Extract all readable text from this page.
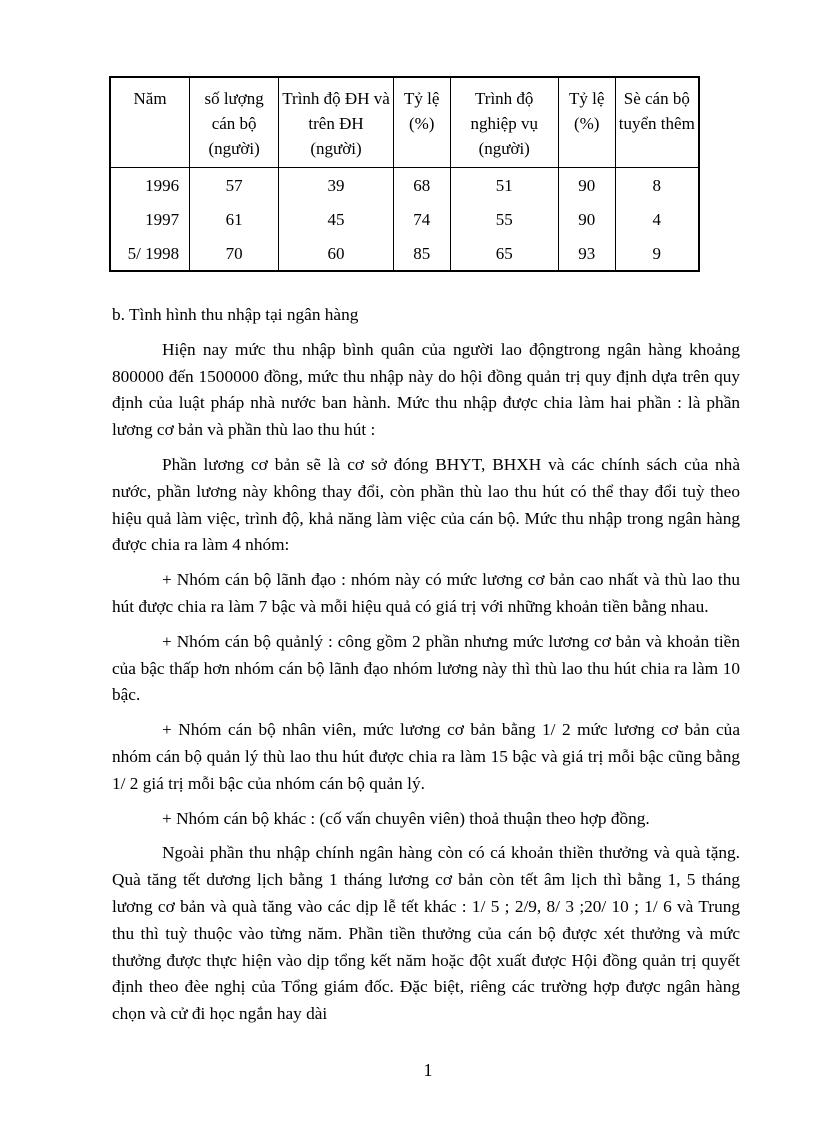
Năm	số lượng cán bộ (người)	Trình độ ĐH và trên ĐH (người)	Tỷ lệ (%)	Trình độ nghiệp vụ (người)	Tỷ lệ (%)	Sè cán bộ tuyển thêm
1996	57	39	68	51	90	8
1997	61	45	74	55	90	4
5/ 1998	70	60	85	65	93	9

b. Tình hình thu nhập tại ngân hàng

Hiện nay mức thu nhập bình quân của người lao độngtrong ngân hàng khoảng 800000 đến 1500000 đồng, mức thu nhập này do hội đồng quản trị quy định dựa trên quy định của luật pháp nhà nước ban hành. Mức thu nhập được chia làm hai phần : là phần lương cơ bản và phần thù lao thu hút :

Phần lương cơ bản sẽ là cơ sở đóng BHYT, BHXH và các chính sách của nhà nước, phần lương này không thay đổi, còn phần thù lao thu hút có thể thay đổi tuỳ theo hiệu quả làm việc, trình độ, khả năng làm việc của cán bộ. Mức thu nhập trong ngân hàng được chia ra làm 4 nhóm:

+ Nhóm cán bộ lãnh đạo : nhóm này có mức lương cơ bản cao nhất và thù lao thu hút được chia ra làm 7 bậc và mỗi hiệu quả có giá trị với những khoản tiền bằng nhau.

+ Nhóm cán bộ quảnlý : công gồm 2 phần nhưng mức lương cơ bản và khoản tiền của bậc thấp hơn nhóm cán bộ lãnh đạo nhóm lương này thì thù lao thu hút chia ra làm 10 bậc.

+ Nhóm cán bộ nhân viên, mức lương cơ bản bằng 1/ 2 mức lương cơ bản của nhóm cán bộ quản lý thù lao thu hút được chia ra làm 15 bậc và giá trị mỗi bậc cũng bằng 1/ 2 giá trị mỗi bậc của nhóm cán bộ quản lý.

+ Nhóm cán bộ khác : (cố vấn chuyên viên) thoả thuận theo hợp đồng.

Ngoài phần thu nhập chính ngân hàng còn có cá khoản thiền thưởng và quà tặng. Quà tăng tết dương lịch bằng 1 tháng lương cơ bản còn tết âm lịch thì bằng 1, 5 tháng lương cơ bản và quà tăng vào các dịp lễ tết khác : 1/ 5 ; 2/9, 8/ 3 ;20/ 10 ; 1/ 6 và Trung thu thì tuỳ thuộc vào từng năm. Phần tiền thưởng của cán bộ được xét thưởng và mức thưởng được thực hiện vào dịp tổng kết năm hoặc đột xuất được Hội đồng quản trị quyết định theo đèe nghị của Tổng giám đốc. Đặc biệt, riêng các trường hợp được ngân hàng chọn và cử đi học ngắn hay dài

1
